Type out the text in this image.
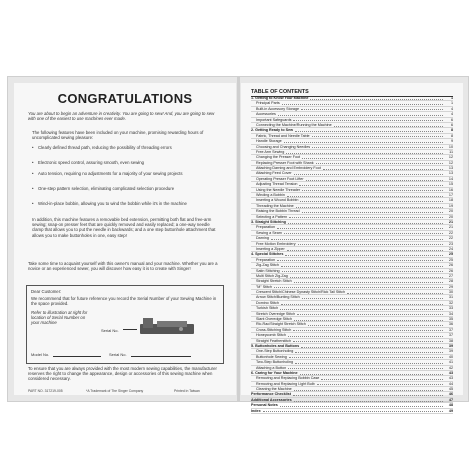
CONGRATULATIONS
You are about to begin an adventure in creativity. You are going to sew! And, you are going to sew with one of the easiest to use machines ever made.
The following features have been included on your machine, promising rewarding hours of uncomplicated sewing pleasure:
• Clearly defined thread path, reducing the possibility of threading errors
• Electronic speed control, assuring smooth, even sewing
• Auto tension, requiring no adjustments for a majority of your sewing projects
• One-step pattern selection, eliminating complicated selection procedure
• Wind-in-place bobbin, allowing you to wind the bobbin while it's in the machine
In addition, this machine features a removable bed extension, permitting both flat and free-arm sewing; snap-on presser feet that are quickly removed and easily replaced; a one-way needle clamp that allows you to put the needle in backwards; and a one step buttonhole attachment that allows you to make buttonholes in one, easy step!
Take some time to acquaint yourself with this owner's manual and your machine. Whether you are a novice or an experienced sewer, you will discover how easy it is to create with Singer!
Dear Customer:
We recommend that for future reference you record the Serial Number of your Sewing Machine in the space provided.
Refer to illustration at right for location of Serial Number on your machine
Serial No.
Model No.	Serial No.
To ensure that you are always provided with the most modern sewing capabilities, the manufacturer reserves the right to change the appearance, design or accessories of this sewing machine when considered necessary.
PART NO. 317219-005	*A Trademark of The Singer Company	Printed in Taiwan
TABLE OF CONTENTS
1. Getting to Know Your Machine	1
Principal Parts	1
Built-in Accessory Storage	4
Accessories	4
Important Safeguards	6
Connecting the Machine/Running the Machine	6
2. Getting Ready to Sew	8
Fabric, Thread and Needle Table	8
Handle Storage	9
Choosing and Changing Needles	10
Free Arm Sewing	11
Changing the Presser Foot	12
Replacing Presser Foot with Shank	12
Attaching Darning and Embroidery Foot	13
Attaching Feed Cover	13
Operating Presser Foot Lifter	14
Adjusting Thread Tension	15
Using the Needle Threader	16
Winding a Bobbin	17
Inserting a Wound Bobbin	18
Threading the Machine	19
Raising the Bobbin Thread	20
Selecting a Pattern	20
3. Straight Stitching	21
Preparation	21
Sewing a Seam	22
Darning	22
Free Motion Embroidery	23
Inserting a Zipper	24
4. Special Stitches	25
Preparation	25
Zig-Zag Stitch	26
Satin Stitching	26
Multi Stitch Zig-Zag	27
Straight Stretch Stitch	28
"M" Stitch	29
Crescent Stitch/Chinese Dynasty Stitch/Rick Tail Stitch	30
Arrow Stitch/Bunting Stitch	31
Domino Stitch	32
Turkish Stitch	33
Stretch Overedge Stitch	34
Slant Overedge Stitch	35
Ric-Rac/Straight Stretch Stitch	36
Cross-Stitching Stitch	37
Honeycomb Stitch	37
Straight Featherstitch	38
5. Buttonholes and Buttons	39
One-Step Buttonholing	39
Buttonhole Sewing	40
Two-Step Buttonholing	41
Attaching a Button	42
6. Caring for Your Machine	43
Removing and Replacing Bobbin Case	43
Removing and Replacing Light Bulb	44
Cleaning the Machine	45
Performance Checklist	46
Additional Accessories	47
Personal Notes	48
Index	49
